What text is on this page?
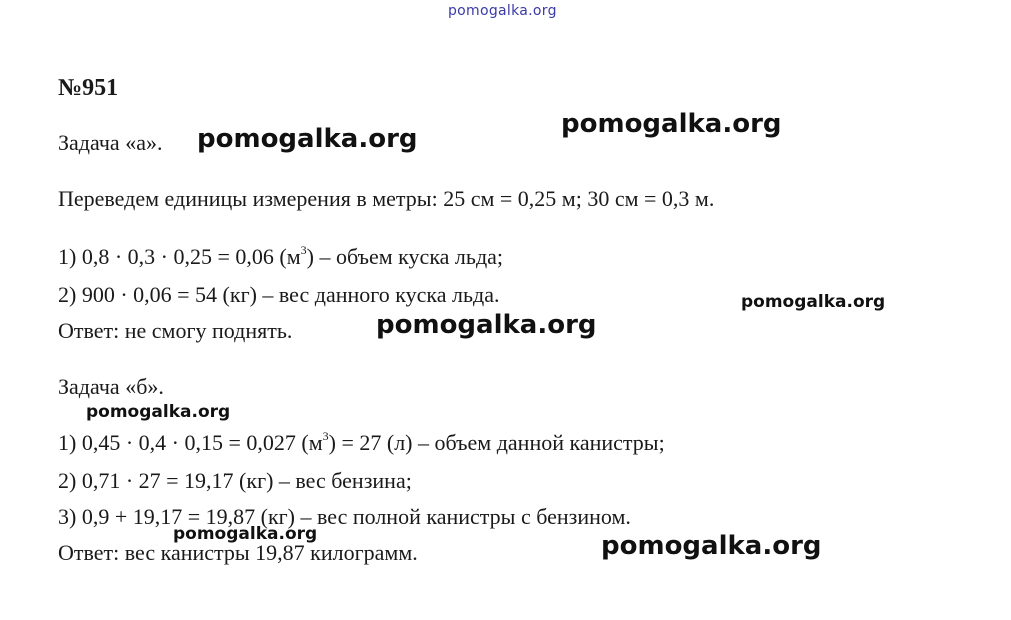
pomogalka.org
№951
Задача «а». pomogalka.org	pomogalka.org
Переведем единицы измерения в метры: 25 см = 0,25 м; 30 см = 0,3 м.
1) 0,8 · 0,3 · 0,25 = 0,06 $(м^3)$ – объем куска льда;
2) 900 · 0,06 = 54 (кг) – вес данного куска льда.	pomogalka.org
Ответ: не смогу поднять.	pomogalka.org
Задача «б».
pomogalka.org
1) 0,45 · 0,4 · 0,15 = 0,027 $(м^3) = 27$ (л) – объем данной канистры;
2) 0,71 · 27 = 19,17 (кг) – вес бензина;
3) 0,9 + 19,17 = 19,87 (кг) – вес полной канистры с бензином.
Ответ: вес канистры 19,87 килограмм.
pomogalka.org	pomogalka.org
